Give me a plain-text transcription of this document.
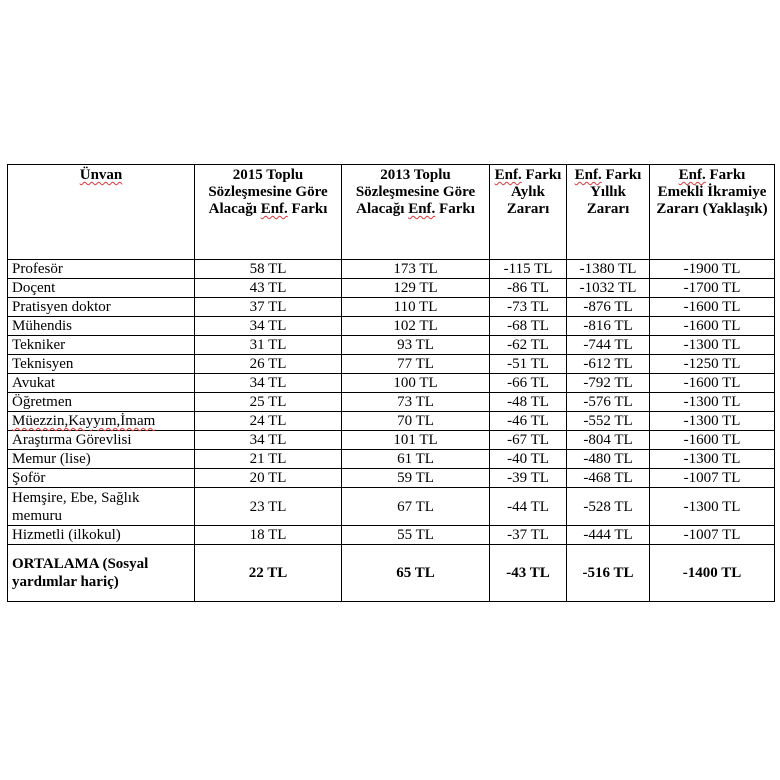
Ünvan	2015 Toplu Sözleşmesine Göre Alacağı Enf. Farkı	2013 Toplu Sözleşmesine Göre Alacağı Enf. Farkı	Enf. Farkı Aylık Zararı	Enf. Farkı Yıllık Zararı	Enf. Farkı Emekli İkramiye Zararı (Yaklaşık)
Profesör	58 TL	173 TL	-115 TL	-1380 TL	-1900 TL
Doçent	43 TL	129 TL	-86 TL	-1032 TL	-1700 TL
Pratisyen doktor	37 TL	110 TL	-73 TL	-876 TL	-1600 TL
Mühendis	34 TL	102 TL	-68 TL	-816 TL	-1600 TL
Tekniker	31 TL	93 TL	-62 TL	-744 TL	-1300 TL
Teknisyen	26 TL	77 TL	-51 TL	-612 TL	-1250 TL
Avukat	34 TL	100 TL	-66 TL	-792 TL	-1600 TL
Öğretmen	25 TL	73 TL	-48 TL	-576 TL	-1300 TL
Müezzin,Kayyım,İmam	24 TL	70 TL	-46 TL	-552 TL	-1300 TL
Araştırma Görevlisi	34 TL	101 TL	-67 TL	-804 TL	-1600 TL
Memur (lise)	21 TL	61 TL	-40 TL	-480 TL	-1300 TL
Şoför	20 TL	59 TL	-39 TL	-468 TL	-1007 TL
Hemşire, Ebe, Sağlık memuru	23 TL	67 TL	-44 TL	-528 TL	-1300 TL
Hizmetli (ilkokul)	18 TL	55 TL	-37 TL	-444 TL	-1007 TL
ORTALAMA (Sosyal yardımlar hariç)	22 TL	65 TL	-43 TL	-516 TL	-1400 TL
